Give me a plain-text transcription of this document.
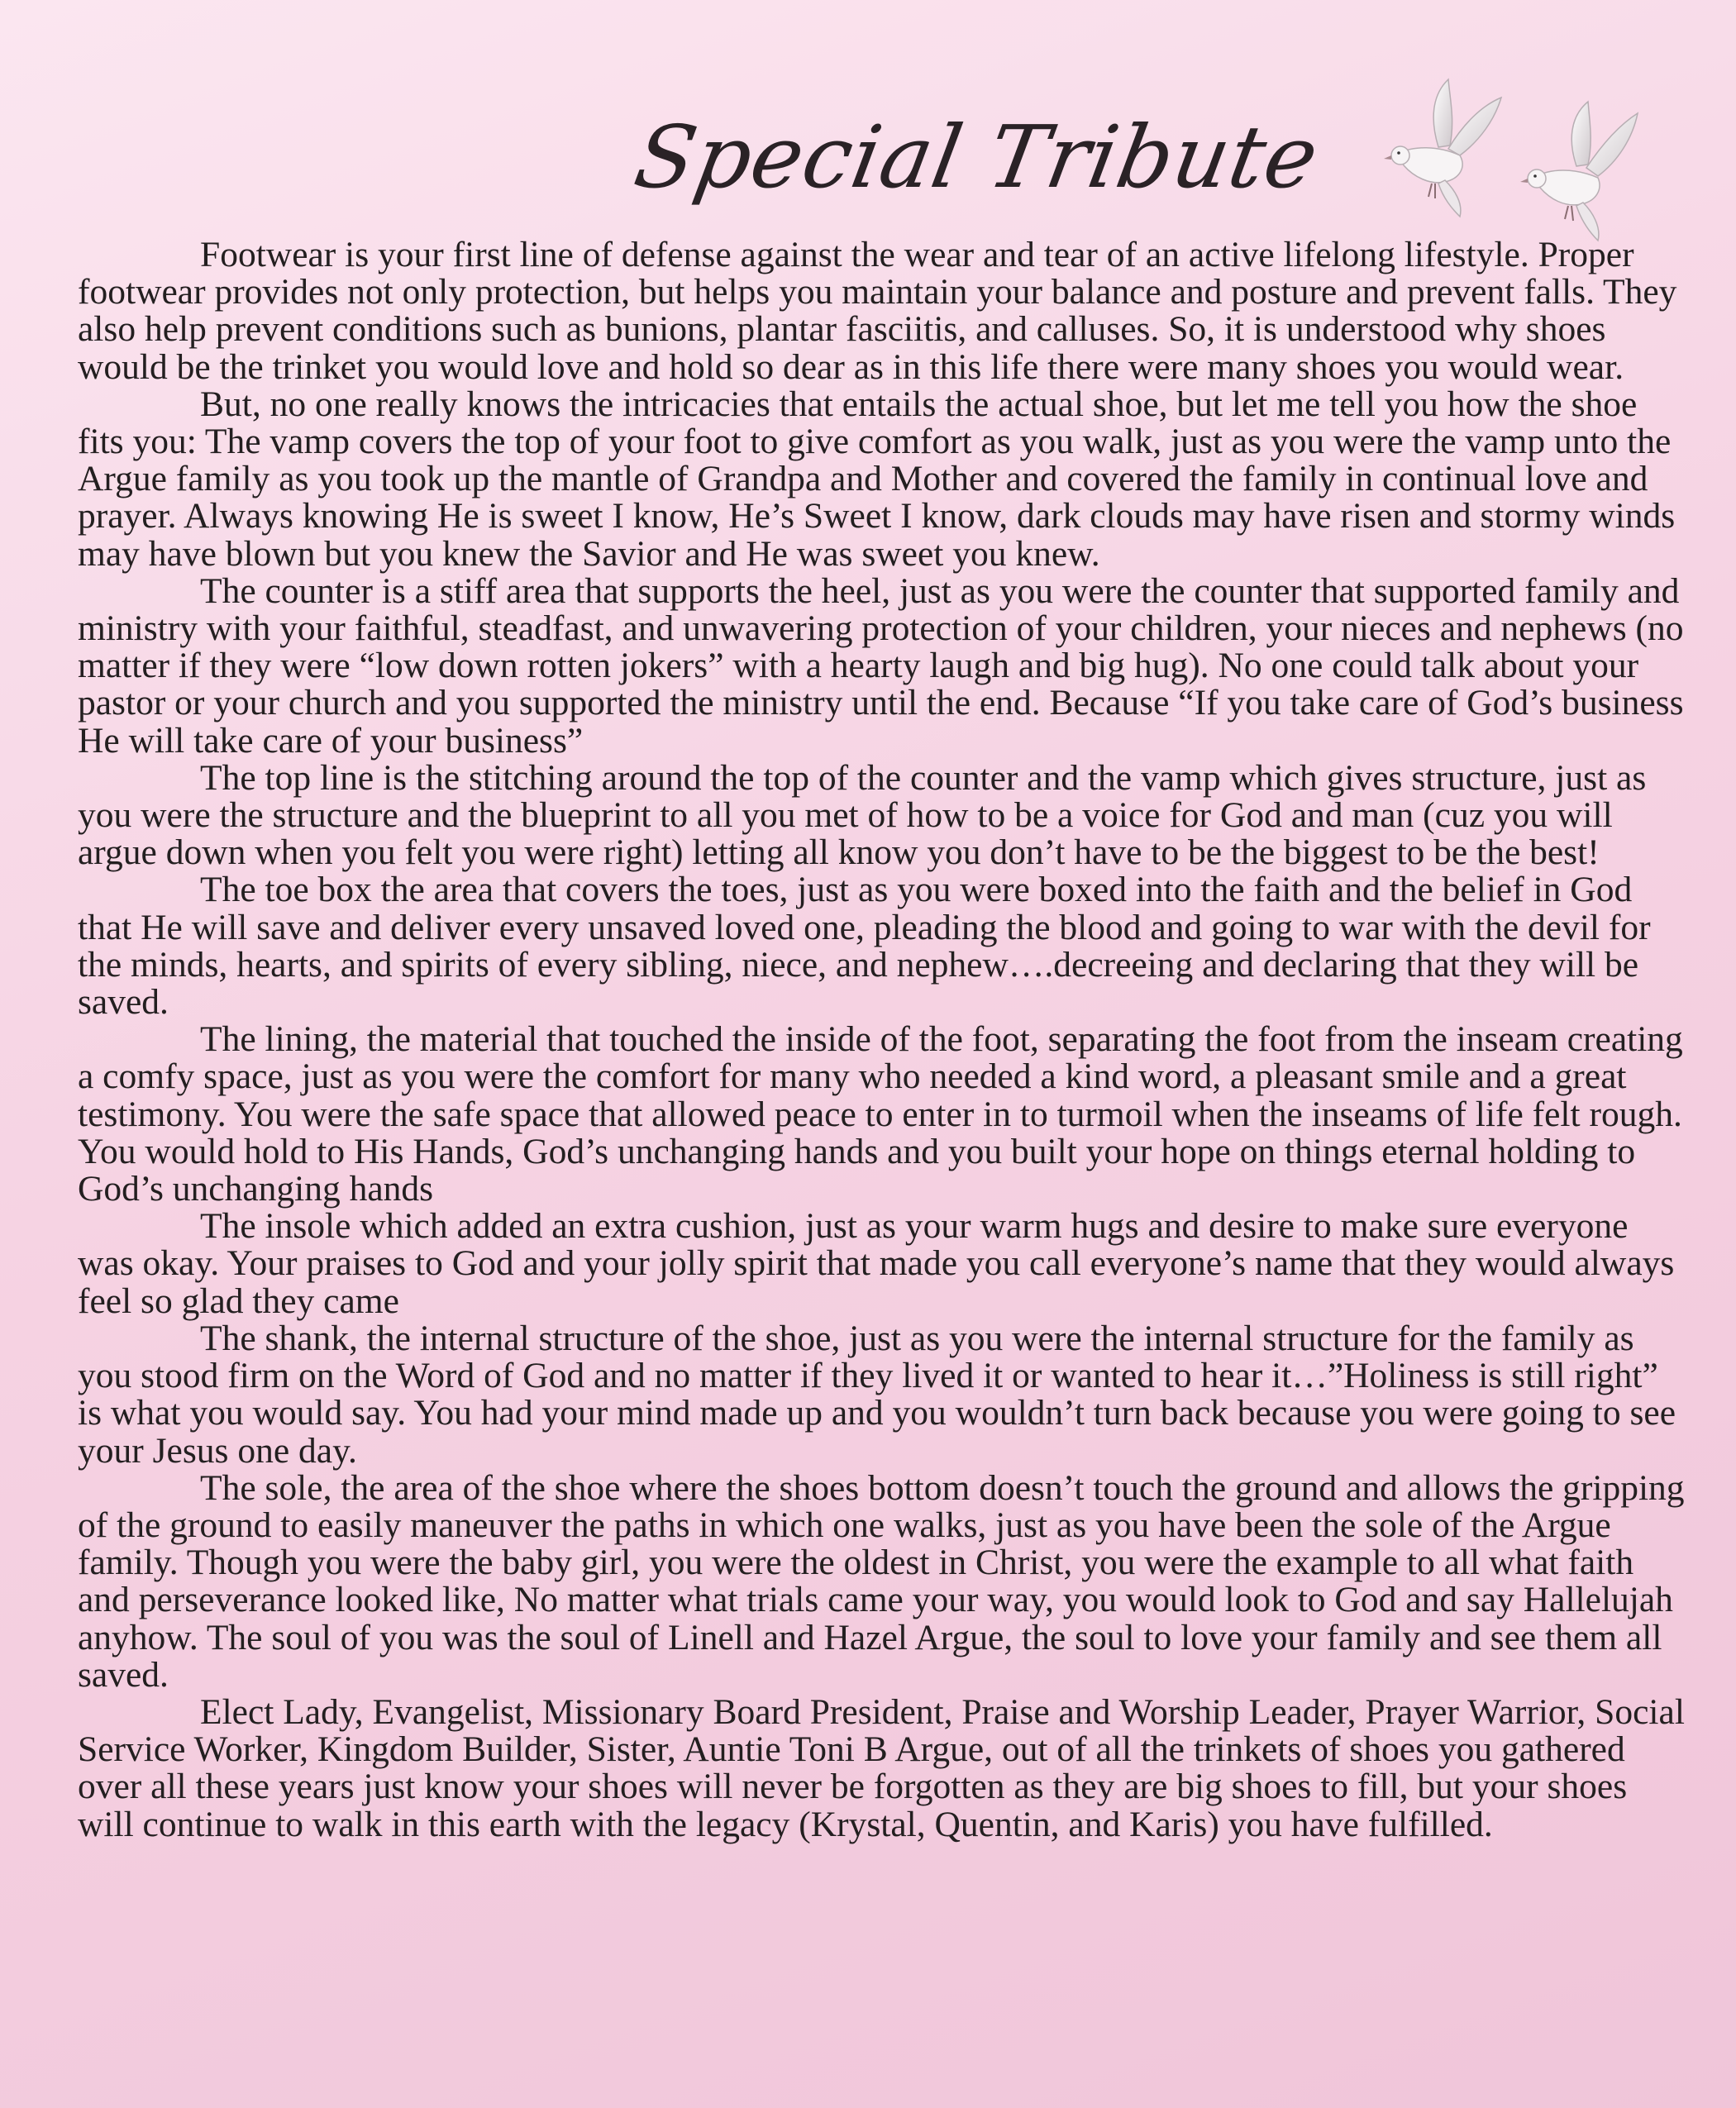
Special Tribute

Footwear is your first line of defense against the wear and tear of an active lifelong lifestyle. Proper footwear provides not only protection, but helps you maintain your balance and posture and prevent falls. They also help prevent conditions such as bunions, plantar fasciitis, and calluses. So, it is understood why shoes would be the trinket you would love and hold so dear as in this life there were many shoes you would wear.

But, no one really knows the intricacies that entails the actual shoe, but let me tell you how the shoe fits you: The vamp covers the top of your foot to give comfort as you walk, just as you were the vamp unto the Argue family as you took up the mantle of Grandpa and Mother and covered the family in continual love and prayer. Always knowing He is sweet I know, He’s Sweet I know, dark clouds may have risen and stormy winds may have blown but you knew the Savior and He was sweet you knew.

The counter is a stiff area that supports the heel, just as you were the counter that supported family and ministry with your faithful, steadfast, and unwavering protection of your children, your nieces and nephews (no matter if they were “low down rotten jokers” with a hearty laugh and big hug). No one could talk about your pastor or your church and you supported the ministry until the end. Because “If you take care of God’s business He will take care of your business”

The top line is the stitching around the top of the counter and the vamp which gives structure, just as you were the structure and the blueprint to all you met of how to be a voice for God and man (cuz you will argue down when you felt you were right) letting all know you don’t have to be the biggest to be the best!

The toe box the area that covers the toes, just as you were boxed into the faith and the belief in God that He will save and deliver every unsaved loved one, pleading the blood and going to war with the devil for the minds, hearts, and spirits of every sibling, niece, and nephew….decreeing and declaring that they will be saved.

The lining, the material that touched the inside of the foot, separating the foot from the inseam creating a comfy space, just as you were the comfort for many who needed a kind word, a pleasant smile and a great testimony. You were the safe space that allowed peace to enter in to turmoil when the inseams of life felt rough. You would hold to His Hands, God’s unchanging hands and you built your hope on things eternal holding to God’s unchanging hands

The insole which added an extra cushion, just as your warm hugs and desire to make sure everyone was okay. Your praises to God and your jolly spirit that made you call everyone’s name that they would always feel so glad they came

The shank, the internal structure of the shoe, just as you were the internal structure for the family as you stood firm on the Word of God and no matter if they lived it or wanted to hear it…”Holiness is still right” is what you would say. You had your mind made up and you wouldn’t turn back because you were going to see your Jesus one day.

The sole, the area of the shoe where the shoes bottom doesn’t touch the ground and allows the gripping of the ground to easily maneuver the paths in which one walks, just as you have been the sole of the Argue family. Though you were the baby girl, you were the oldest in Christ, you were the example to all what faith and perseverance looked like, No matter what trials came your way, you would look to God and say Hallelujah anyhow. The soul of you was the soul of Linell and Hazel Argue, the soul to love your family and see them all saved.

Elect Lady, Evangelist, Missionary Board President, Praise and Worship Leader, Prayer Warrior, Social Service Worker, Kingdom Builder, Sister, Auntie Toni B Argue, out of all the trinkets of shoes you gathered over all these years just know your shoes will never be forgotten as they are big shoes to fill, but your shoes will continue to walk in this earth with the legacy (Krystal, Quentin, and Karis) you have fulfilled.
